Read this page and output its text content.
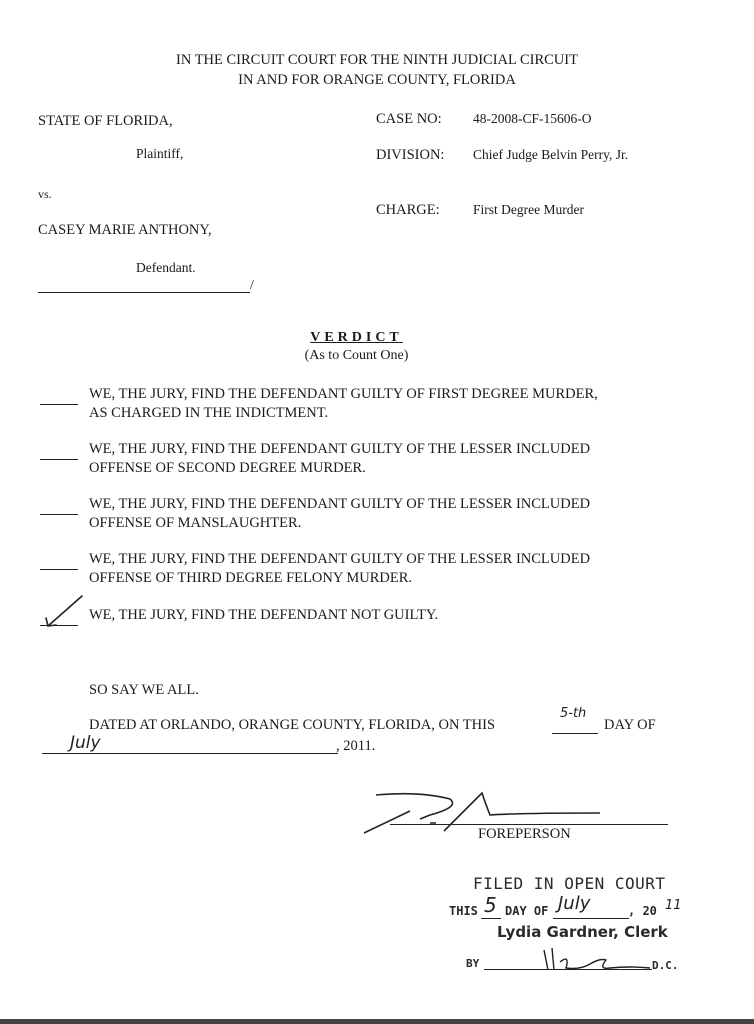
IN THE CIRCUIT COURT FOR THE NINTH JUDICIAL CIRCUIT
IN AND FOR ORANGE COUNTY, FLORIDA
STATE OF FLORIDA,
Plaintiff,
vs.
CASEY MARIE ANTHONY,
Defendant.
/
CASE NO: 48-2008-CF-15606-O
DIVISION: Chief Judge Belvin Perry, Jr.
CHARGE: First Degree Murder
VERDICT
(As to Count One)
WE, THE JURY, FIND THE DEFENDANT GUILTY OF FIRST DEGREE MURDER,
AS CHARGED IN THE INDICTMENT.
WE, THE JURY, FIND THE DEFENDANT GUILTY OF THE LESSER INCLUDED
OFFENSE OF SECOND DEGREE MURDER.
WE, THE JURY, FIND THE DEFENDANT GUILTY OF THE LESSER INCLUDED
OFFENSE OF MANSLAUGHTER.
WE, THE JURY, FIND THE DEFENDANT GUILTY OF THE LESSER INCLUDED
OFFENSE OF THIRD DEGREE FELONY MURDER.
WE, THE JURY, FIND THE DEFENDANT NOT GUILTY.
SO SAY WE ALL.
DATED AT ORLANDO, ORANGE COUNTY, FLORIDA, ON THIS
5-th
DAY OF
July	, 2011.
FOREPERSON
FILED IN OPEN COURT
THIS 5 DAY OF July	, 20 11
Lydia Gardner, Clerk
BY	D.C.
